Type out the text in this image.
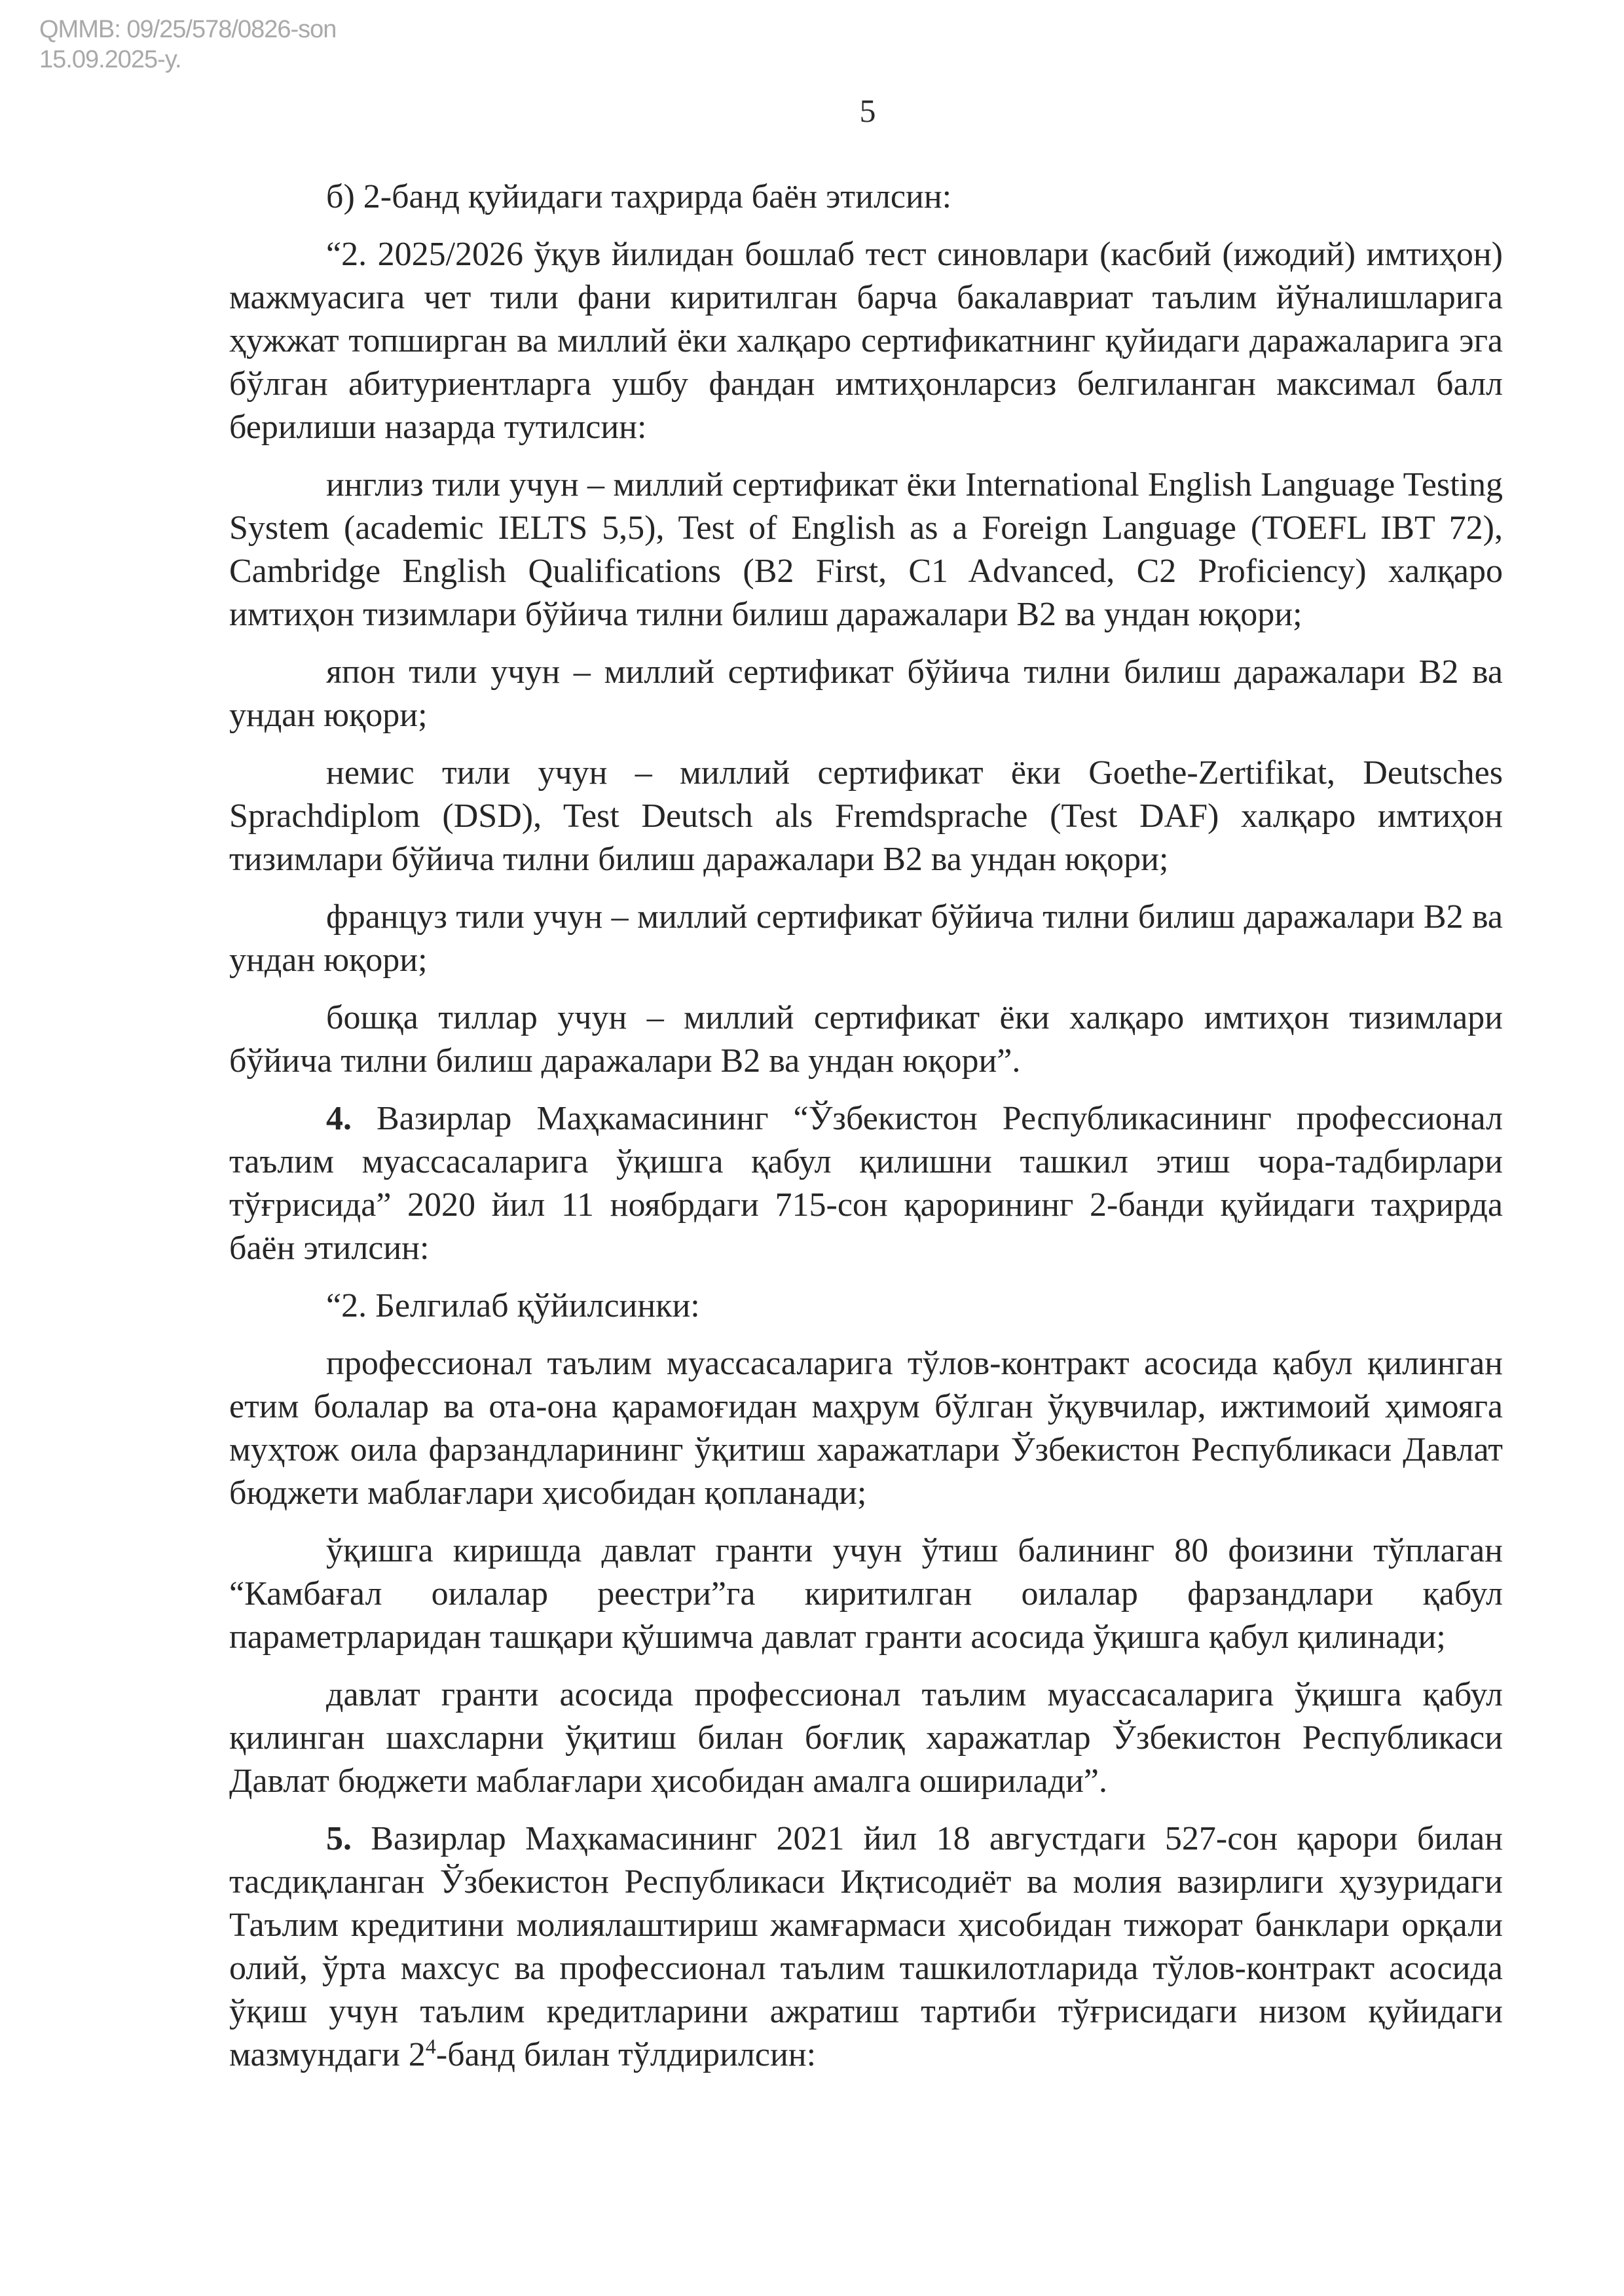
QMMB: 09/25/578/0826-son
15.09.2025-y.
5

б) 2-банд қуйидаги таҳрирда баён этилсин:

“2. 2025/2026 ўқув йилидан бошлаб тест синовлари (касбий (ижодий) имтиҳон) мажмуасига чет тили фани киритилган барча бакалавриат таълим йўналишларига ҳужжат топширган ва миллий ёки халқаро сертификатнинг қуйидаги даражаларига эга бўлган абитуриентларга ушбу фандан имтиҳонларсиз белгиланган максимал балл берилиши назарда тутилсин:

инглиз тили учун – миллий сертификат ёки International English Language Testing System (academic IELTS 5,5), Test of English as a Foreign Language (TOEFL IBT 72), Cambridge English Qualifications (B2 First, C1 Advanced, C2 Proficiency) халқаро имтиҳон тизимлари бўйича тилни билиш даражалари B2 ва ундан юқори;

япон тили учун – миллий сертификат бўйича тилни билиш даражалари B2 ва ундан юқори;

немис тили учун – миллий сертификат ёки Goethe-Zertifikat, Deutsches Sprachdiplom (DSD), Test Deutsch als Fremdsprache (Test DAF) халқаро имтиҳон тизимлари бўйича тилни билиш даражалари B2 ва ундан юқори;

француз тили учун – миллий сертификат бўйича тилни билиш даражалари B2 ва ундан юқори;

бошқа тиллар учун – миллий сертификат ёки халқаро имтиҳон тизимлари бўйича тилни билиш даражалари B2 ва ундан юқори”.

4. Вазирлар Маҳкамасининг “Ўзбекистон Республикасининг профессионал таълим муассасаларига ўқишга қабул қилишни ташкил этиш чора-тадбирлари тўғрисида” 2020 йил 11 ноябрдаги 715-сон қарорининг 2-банди қуйидаги таҳрирда баён этилсин:

“2. Белгилаб қўйилсинки:

профессионал таълим муассасаларига тўлов-контракт асосида қабул қилинган етим болалар ва ота-она қарамоғидан маҳрум бўлган ўқувчилар, ижтимоий ҳимояга муҳтож оила фарзандларининг ўқитиш харажатлари Ўзбекистон Республикаси Давлат бюджети маблағлари ҳисобидан қопланади;

ўқишга киришда давлат гранти учун ўтиш балининг 80 фоизини тўплаган “Камбағал оилалар реестри”га киритилган оилалар фарзандлари қабул параметрларидан ташқари қўшимча давлат гранти асосида ўқишга қабул қилинади;

давлат гранти асосида профессионал таълим муассасаларига ўқишга қабул қилинган шахсларни ўқитиш билан боғлиқ харажатлар Ўзбекистон Республикаси Давлат бюджети маблағлари ҳисобидан амалга оширилади”.

5. Вазирлар Маҳкамасининг 2021 йил 18 августдаги 527-сон қарори билан тасдиқланган Ўзбекистон Республикаси Иқтисодиёт ва молия вазирлиги ҳузуридаги Таълим кредитини молиялаштириш жамғармаси ҳисобидан тижорат банклари орқали олий, ўрта махсус ва профессионал таълим ташкилотларида тўлов-контракт асосида ўқиш учун таълим кредитларини ажратиш тартиби тўғрисидаги низом қуйидаги мазмундаги $2^4$-банд билан тўлдирилсин:
